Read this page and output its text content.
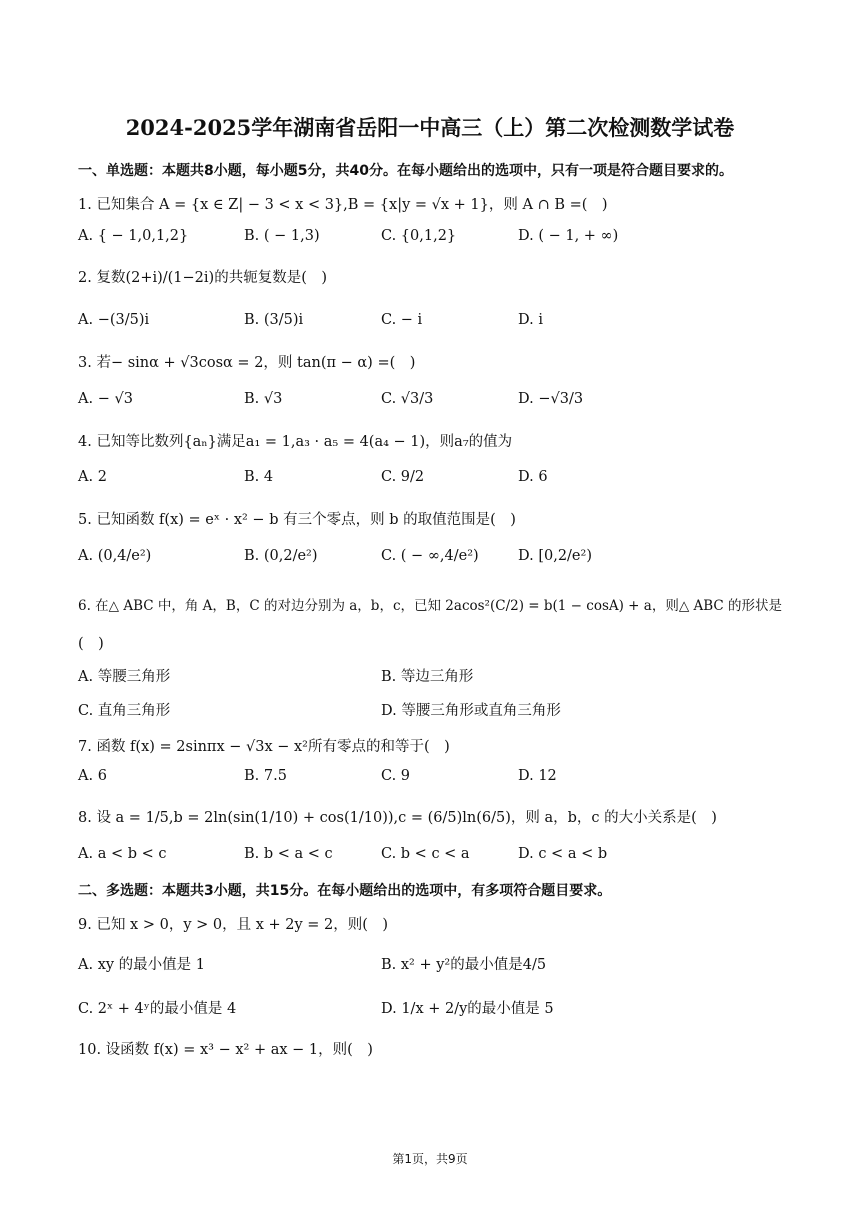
2024-2025学年湖南省岳阳一中高三（上）第二次检测数学试卷
一、单选题：本题共8小题，每小题5分，共40分。在每小题给出的选项中，只有一项是符合题目要求的。
1. 已知集合 A = {x ∈ Z| − 3 < x < 3},B = {x|y = √x + 1}，则 A ∩ B =(　)
A. { − 1,0,1,2}	B. ( − 1,3)	C. {0,1,2}	D. ( − 1, + ∞)
2. 复数(2+i)/(1−2i)的共轭复数是(　)
A. −(3/5)i	B. (3/5)i	C. − i	D. i
3. 若− sinα + √3cosα = 2，则 tan(π − α) =(　)
A. − √3	B. √3	C. √3/3	D. −√3/3
4. 已知等比数列{aₙ}满足a₁ = 1,a₃ · a₅ = 4(a₄ − 1)，则a₇的值为
A. 2	B. 4	C. 9/2	D. 6
5. 已知函数 f(x) = eˣ · x² − b 有三个零点，则 b 的取值范围是(　)
A. (0,4/e²)	B. (0,2/e²)	C. ( − ∞,4/e²)	D. [0,2/e²)
6. 在△ ABC 中，角 A，B，C 的对边分别为 a，b，c，已知 2acos²(C/2) = b(1 − cosA) + a，则△ ABC 的形状是
(　)
A. 等腰三角形	B. 等边三角形
C. 直角三角形	D. 等腰三角形或直角三角形
7. 函数 f(x) = 2sinπx − √3x − x²所有零点的和等于(　)
A. 6	B. 7.5	C. 9	D. 12
8. 设 a = 1/5,b = 2ln(sin(1/10) + cos(1/10)),c = (6/5)ln(6/5)，则 a，b，c 的大小关系是(　)
A. a < b < c	B. b < a < c	C. b < c < a	D. c < a < b
二、多选题：本题共3小题，共15分。在每小题给出的选项中，有多项符合题目要求。
9. 已知 x > 0，y > 0，且 x + 2y = 2，则(　)
A. xy 的最小值是 1	B. x² + y²的最小值是4/5
C. 2ˣ + 4ʸ的最小值是 4	D. 1/x + 2/y的最小值是 5
10. 设函数 f(x) = x³ − x² + ax − 1，则(　)
第1页，共9页
